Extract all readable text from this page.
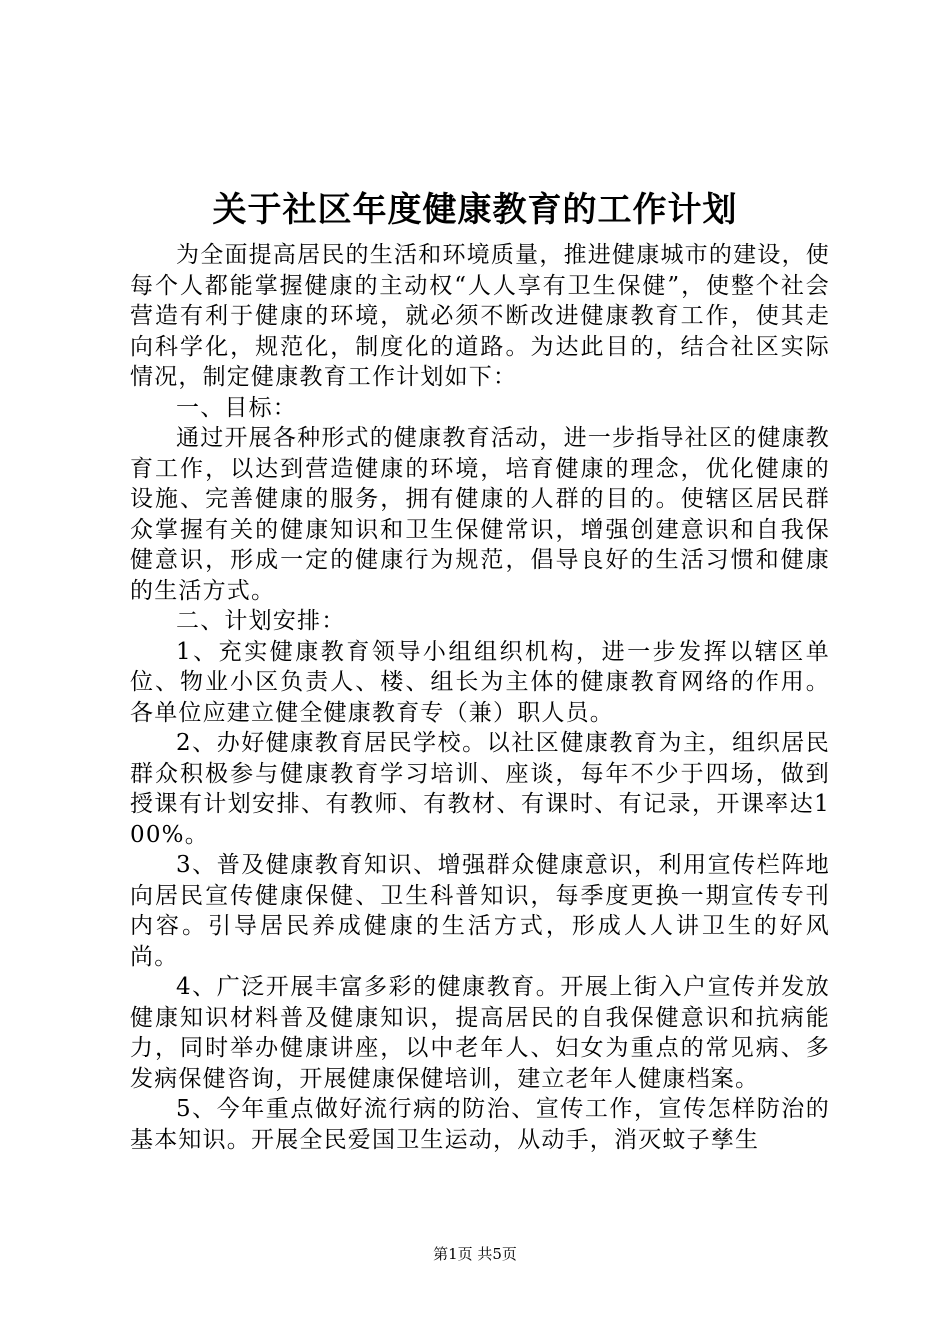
关于社区年度健康教育的工作计划

为全面提高居民的生活和环境质量，推进健康城市的建设，使每个人都能掌握健康的主动权“人人享有卫生保健”，使整个社会营造有利于健康的环境，就必须不断改进健康教育工作，使其走向科学化，规范化，制度化的道路。为达此目的，结合社区实际情况，制定健康教育工作计划如下：

一、目标：

通过开展各种形式的健康教育活动，进一步指导社区的健康教育工作，以达到营造健康的环境，培育健康的理念，优化健康的设施、完善健康的服务，拥有健康的人群的目的。使辖区居民群众掌握有关的健康知识和卫生保健常识，增强创建意识和自我保健意识，形成一定的健康行为规范，倡导良好的生活习惯和健康的生活方式。

二、计划安排：

1、充实健康教育领导小组组织机构，进一步发挥以辖区单位、物业小区负责人、楼、组长为主体的健康教育网络的作用。各单位应建立健全健康教育专（兼）职人员。

2、办好健康教育居民学校。以社区健康教育为主，组织居民群众积极参与健康教育学习培训、座谈，每年不少于四场，做到授课有计划安排、有教师、有教材、有课时、有记录，开课率达100%。

3、普及健康教育知识、增强群众健康意识，利用宣传栏阵地向居民宣传健康保健、卫生科普知识，每季度更换一期宣传专刊内容。引导居民养成健康的生活方式，形成人人讲卫生的好风尚。

4、广泛开展丰富多彩的健康教育。开展上街入户宣传并发放健康知识材料普及健康知识，提高居民的自我保健意识和抗病能力，同时举办健康讲座，以中老年人、妇女为重点的常见病、多发病保健咨询，开展健康保健培训，建立老年人健康档案。

5、今年重点做好流行病的防治、宣传工作，宣传怎样防治的基本知识。开展全民爱国卫生运动，从动手，消灭蚊子孳生

第1页 共5页
